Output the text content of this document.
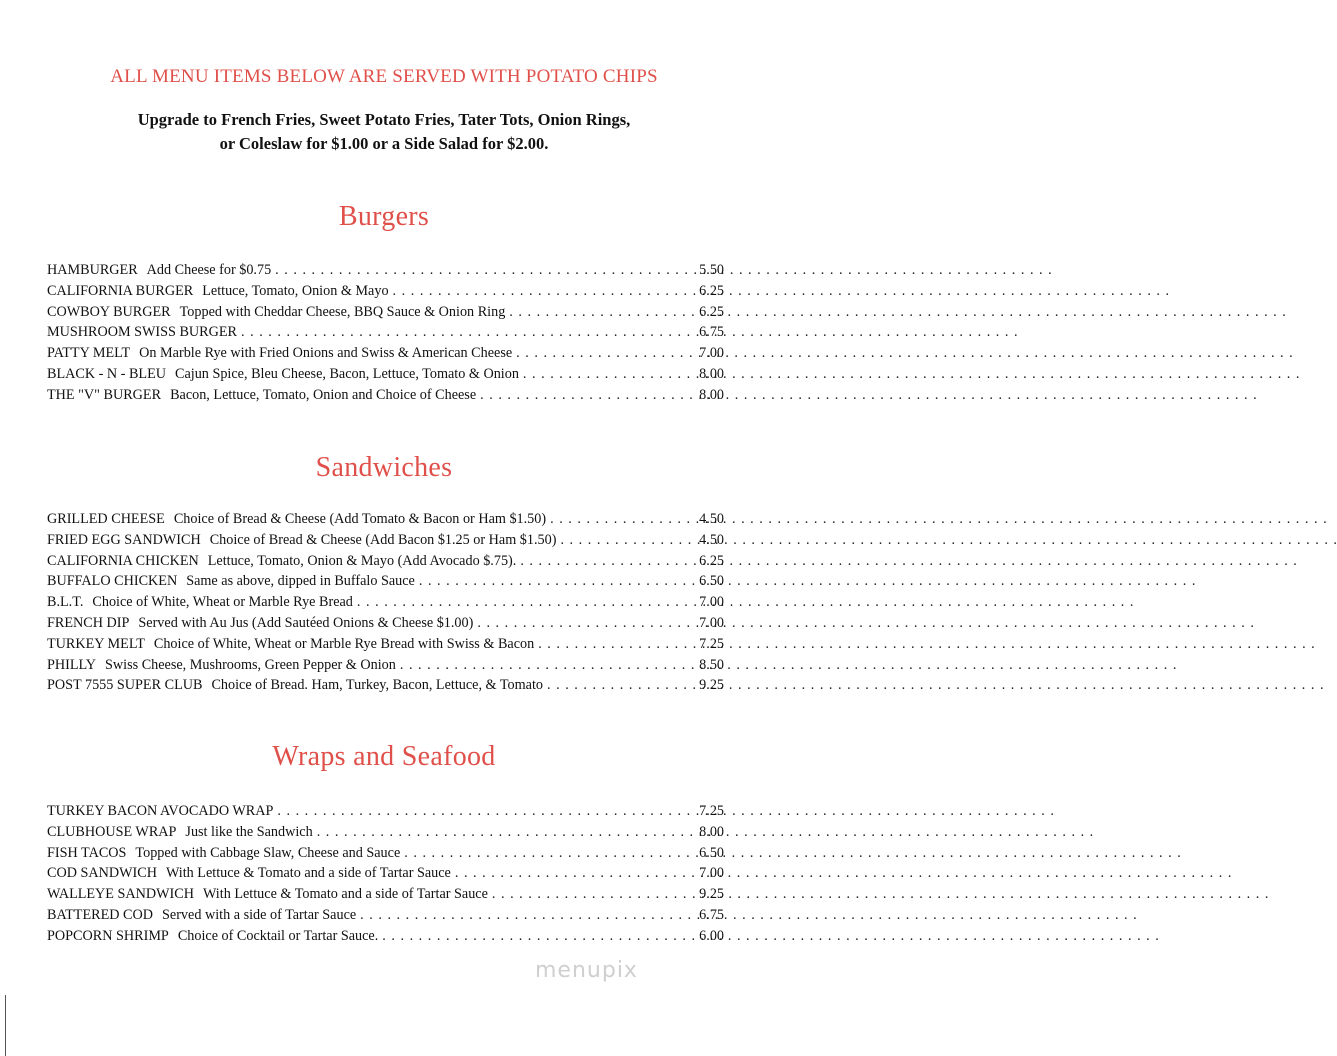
ALL MENU ITEMS BELOW ARE SERVED WITH POTATO CHIPS
Upgrade to French Fries, Sweet Potato Fries, Tater Tots, Onion Rings,
or Coleslaw for $1.00 or a Side Salad for $2.00.
Burgers
HAMBURGER Add Cheese for $0.75 . . .	5.50
CALIFORNIA BURGER Lettuce, Tomato, Onion & Mayo . . .	6.25
COWBOY BURGER Topped with Cheddar Cheese, BBQ Sauce & Onion Ring . . .	6.25
MUSHROOM SWISS BURGER . . .	6.75
PATTY MELT On Marble Rye with Fried Onions and Swiss & American Cheese . . .	7.00
BLACK - N - BLEU Cajun Spice, Bleu Cheese, Bacon, Lettuce, Tomato & Onion . . .	8.00
THE "V" BURGER Bacon, Lettuce, Tomato, Onion and Choice of Cheese . . .	8.00
Sandwiches
GRILLED CHEESE Choice of Bread & Cheese (Add Tomato & Bacon or Ham $1.50) . . .	4.50
FRIED EGG SANDWICH Choice of Bread & Cheese (Add Bacon $1.25 or Ham $1.50) . . .	4.50
CALIFORNIA CHICKEN Lettuce, Tomato, Onion & Mayo (Add Avocado $.75). . . .	6.25
BUFFALO CHICKEN Same as above, dipped in Buffalo Sauce . . .	6.50
B.L.T. Choice of White, Wheat or Marble Rye Bread . . .	7.00
FRENCH DIP Served with Au Jus (Add Sautéed Onions & Cheese $1.00) . . .	7.00
TURKEY MELT Choice of White, Wheat or Marble Rye Bread with Swiss & Bacon . . .	7.25
PHILLY Swiss Cheese, Mushrooms, Green Pepper & Onion . . .	8.50
POST 7555 SUPER CLUB Choice of Bread. Ham, Turkey, Bacon, Lettuce, & Tomato . . .	9.25
Wraps and Seafood
TURKEY BACON AVOCADO WRAP . . .	7.25
CLUBHOUSE WRAP Just like the Sandwich . . .	8.00
FISH TACOS Topped with Cabbage Slaw, Cheese and Sauce . . .	6.50
COD SANDWICH With Lettuce & Tomato and a side of Tartar Sauce . . .	7.00
WALLEYE SANDWICH With Lettuce & Tomato and a side of Tartar Sauce . . .	9.25
BATTERED COD Served with a side of Tartar Sauce . . .	6.75
POPCORN SHRIMP Choice of Cocktail or Tartar Sauce. . . .	6.00
menupix
